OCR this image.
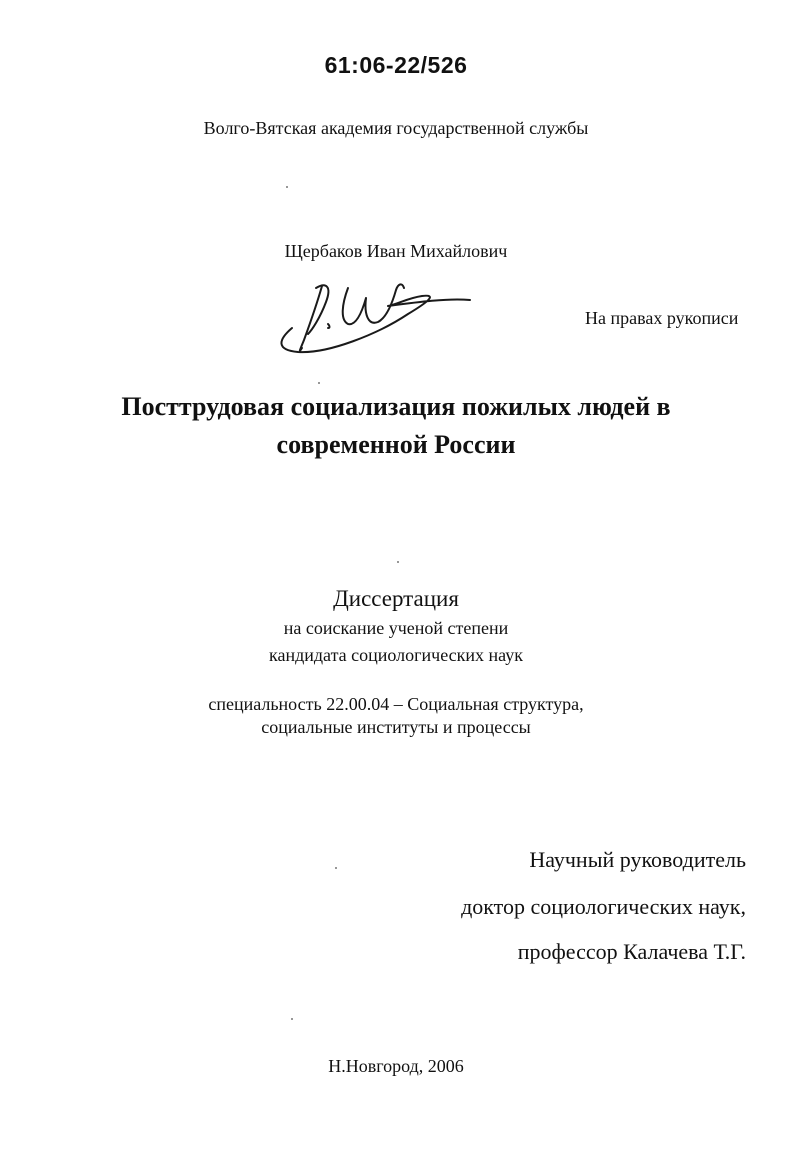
61:06-22/526
Волго-Вятская академия государственной службы
Щербаков Иван Михайлович
На правах рукописи
Посттрудовая социализация пожилых людей в
современной России
Диссертация
на соискание ученой степени
кандидата социологических наук
специальность 22.00.04 – Социальная структура,
социальные институты и процессы
Научный руководитель
доктор социологических наук,
профессор Калачева Т.Г.
Н.Новгород, 2006
